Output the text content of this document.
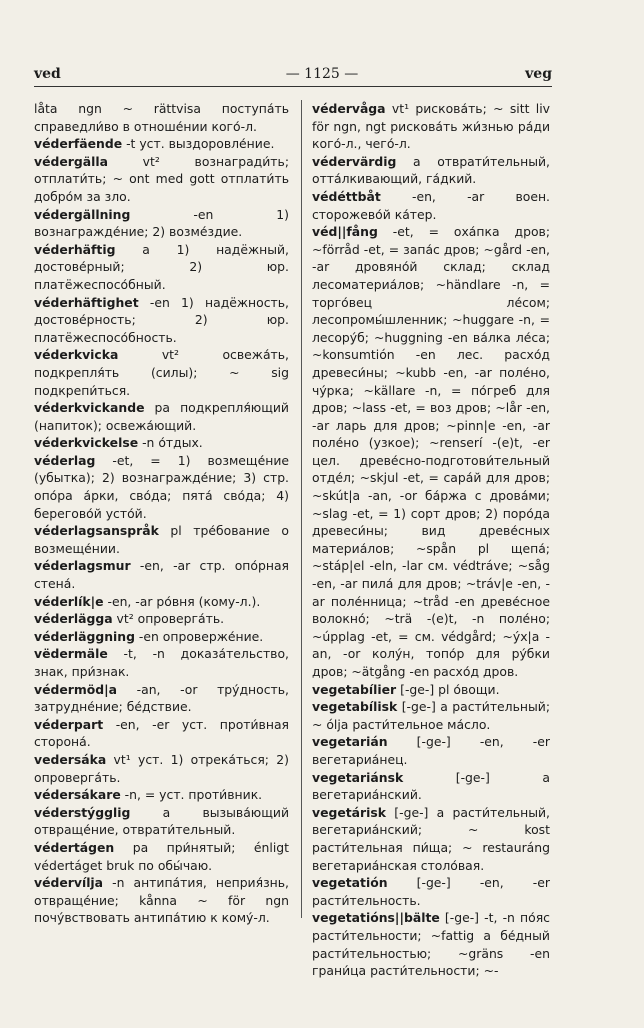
ved	— 1125 —	veg

låta ngn ~ rättvisa поступа́ть справедли́во в отноше́нии кого́-л.

véderfäende -t уст. выздоровле́ние.

védergälla vt² вознагради́ть; отплати́ть; ~ ont med gott отплати́ть добро́м за зло.

védergällning -en 1) вознагражде́ние; 2) возме́здие.

véderhäftig a 1) надёжный, достове́рный; 2) юр. платёжеспосо́бный.

véderhäftighet -en 1) надёжность, достове́рность; 2) юр. платёжеспосо́бность.

véderkvicka vt² освежа́ть, подкрепля́ть (силы); ~ sig подкрепи́ться.

véderkvickande pa подкрепля́ющий (напиток); освежа́ющий.

véderkvickelse -n о́тдых.

véderlag -et, = 1) возмеще́ние (убытка); 2) вознагражде́ние; 3) стр. опо́ра а́рки, сво́да; пята́ сво́да; 4) берегово́й усто́й.

véderlagsanspråk pl тре́бование о возмеще́нии.

véderlagsmur -en, -ar стр. опо́рная стена́.

véderlík|e -en, -ar ро́вня (кому-л.).

véderlägga vt² опроверга́ть.

véderläggning -en опроверже́ние.

vëdermäle -t, -n доказа́тельство, знак, при́знак.

védermöd|a -an, -or тру́дность, затрудне́ние; бе́дствие.

véderpart -en, -er уст. проти́вная сторона́.

vedersáka vt¹ уст. 1) отрека́ться; 2) опроверга́ть.

védersákare -n, = уст. проти́вник.

véderstýgglig a вызыва́ющий отвраще́ние, отврати́тельный.

védertágen pa при́нятый; énligt védertáget bruk по обы́чаю.

védervílja -n антипа́тия, неприя́знь, отвраще́ние; kånna ~ för ngn почу́вствовать антипа́тию к кому́-л.

védervåga vt¹ рискова́ть; ~ sitt liv för ngn, ngt рискова́ть жи́знью ра́ди кого́-л., чего́-л.

védervärdig a отврати́тельный, отта́лкивающий, га́дкий.

védéttbåt -en, -ar воен. сторожево́й ка́тер.

véd||fång -et, = оха́пка дров; ~förråd -et, = запа́с дров; ~gård -en, -ar дровяно́й склад; склад лесоматериа́лов; ~händlare -n, = торго́вец ле́сом; лесопромы́шленник; ~huggare -n, = лесору́б; ~huggning -en ва́лка ле́са; ~konsumtión -en лес. расхо́д древеси́ны; ~kubb -en, -ar поле́но, чу́рка; ~källare -n, = по́греб для дров; ~lass -et, = воз дров; ~lår -en, -ar ларь для дров; ~pinn|e -en, -ar поле́но (узкое); ~renserí -(e)t, -er цел. древе́сно-подготови́тельный отде́л; ~skjul -et, = сара́й для дров; ~skút|a -an, -or ба́ржа с дрова́ми; ~slag -et, = 1) сорт дров; 2) поро́да древеси́ны; вид древе́сных материа́лов; ~spån pl щепа́; ~stáp|el -eln, -lar см. védtráve; ~såg -en, -ar пила́ для дров; ~tráv|e -en, -ar поле́нница; ~tråd -en древе́сное волокно́; ~trä -(e)t, -n поле́но; ~úpplag -et, = см. védgård; ~ýx|a -an, -or колу́н, топо́р для ру́бки дров; ~ätgång -en расхо́д дров.

vegetabílier [-ge-] pl о́вощи.

vegetabílisk [-ge-] a расти́тельный; ~ ólja расти́тельное ма́сло.

vegetarián [-ge-] -en, -er вегетариа́нец.

vegetariánsk [-ge-] a вегетариа́нский.

vegetárisk [-ge-] a расти́тельный, вегетариа́нский; ~ kost расти́тельная пи́ща; ~ restauráng вегетариа́нская столо́вая.

vegetatión [-ge-] -en, -er расти́тельность.

vegetatións||bälte [-ge-] -t, -n по́яс расти́тельности; ~fattig a бе́дный расти́тельностью; ~gräns -en грани́ца расти́тельности; ~-
